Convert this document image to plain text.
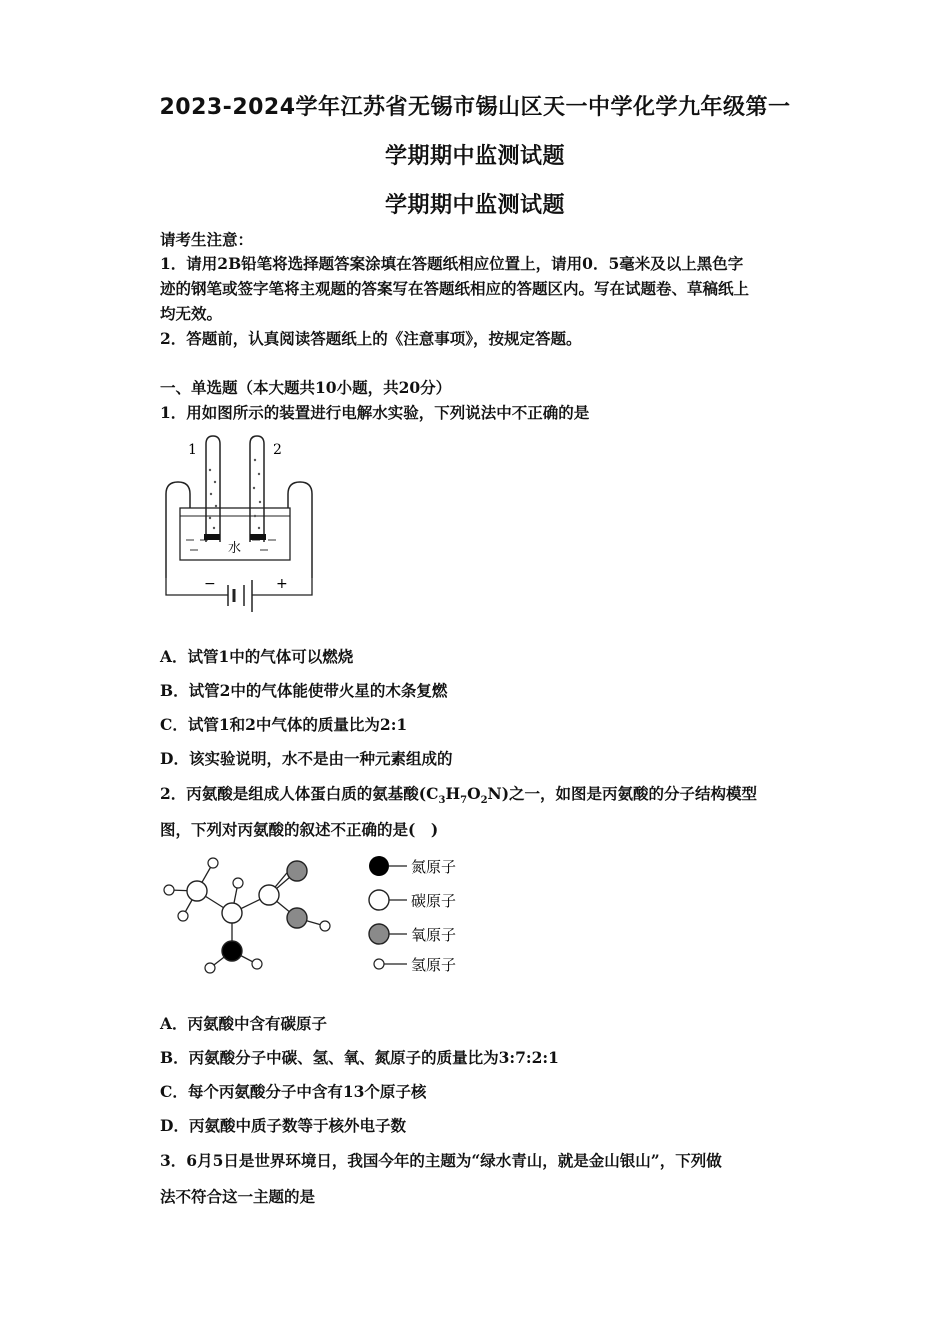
2023-2024学年江苏省无锡市锡山区天一中学化学九年级第一
学期期中监测试题
学期期中监测试题
请考生注意：
1．请用2B铅笔将选择题答案涂填在答题纸相应位置上，请用0．5毫米及以上黑色字
迹的钢笔或签字笔将主观题的答案写在答题纸相应的答题区内。写在试题卷、草稿纸上
均无效。
2．答题前，认真阅读答题纸上的《注意事项》，按规定答题。
一、单选题（本大题共10小题，共20分）
1．用如图所示的装置进行电解水实验，下列说法中不正确的是
1	2
水
−	+
A．试管1中的气体可以燃烧
B．试管2中的气体能使带火星的木条复燃
C．试管1和2中气体的质量比为2:1
D．该实验说明，水不是由一种元素组成的
2．丙氨酸是组成人体蛋白质的氨基酸$(C_3H_7O_2N)$之一，如图是丙氨酸的分子结构模型
图，下列对丙氨酸的叙述不正确的是(　)
氮原子
碳原子
氧原子
氢原子
A．丙氨酸中含有碳原子
B．丙氨酸分子中碳、氢、氧、氮原子的质量比为3:7:2:1
C．每个丙氨酸分子中含有13个原子核
D．丙氨酸中质子数等于核外电子数
3．6月5日是世界环境日，我国今年的主题为“绿水青山，就是金山银山”，下列做
法不符合这一主题的是
